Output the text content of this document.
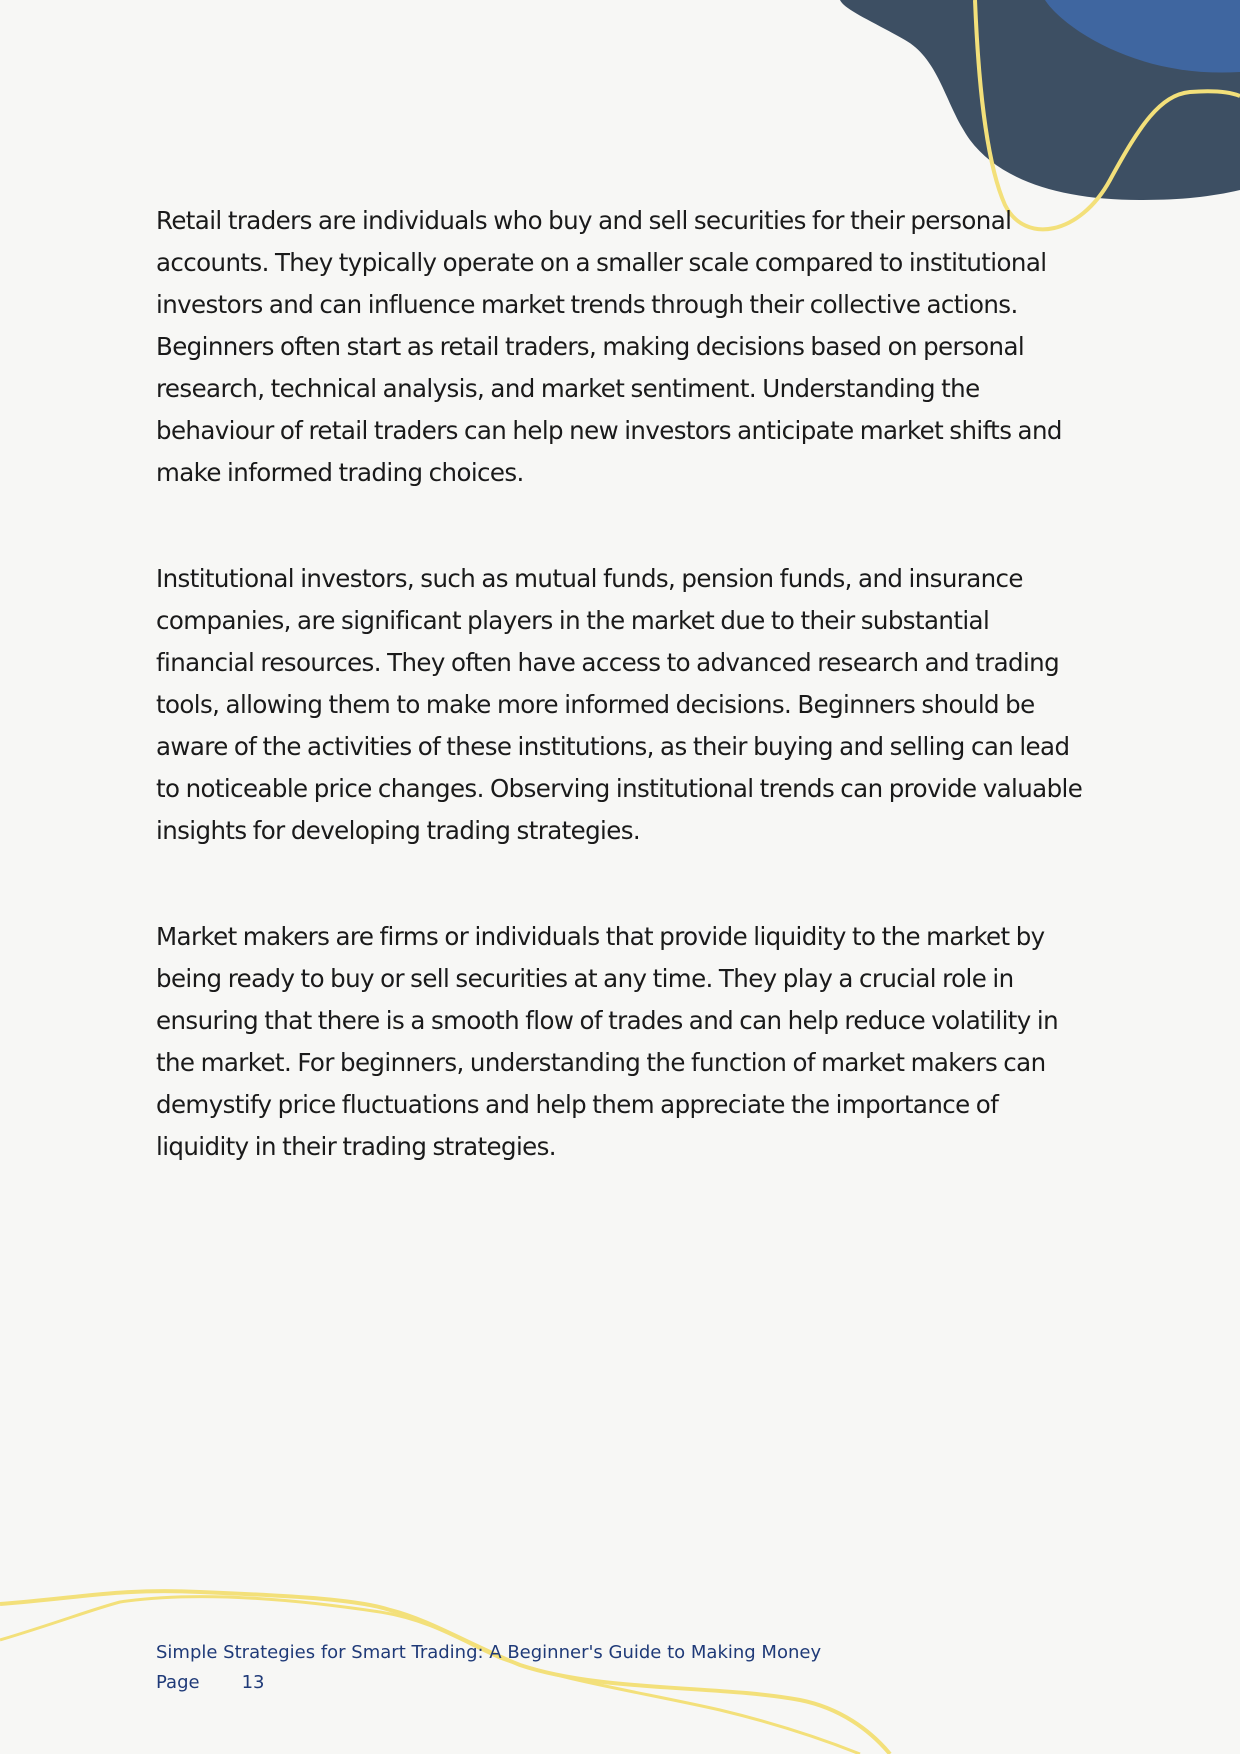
Retail traders are individuals who buy and sell securities for their personal accounts. They typically operate on a smaller scale compared to institutional investors and can influence market trends through their collective actions. Beginners often start as retail traders, making decisions based on personal research, technical analysis, and market sentiment. Understanding the behaviour of retail traders can help new investors anticipate market shifts and make informed trading choices.

Institutional investors, such as mutual funds, pension funds, and insurance companies, are significant players in the market due to their substantial financial resources. They often have access to advanced research and trading tools, allowing them to make more informed decisions. Beginners should be aware of the activities of these institutions, as their buying and selling can lead to noticeable price changes. Observing institutional trends can provide valuable insights for developing trading strategies.

Market makers are firms or individuals that provide liquidity to the market by being ready to buy or sell securities at any time. They play a crucial role in ensuring that there is a smooth flow of trades and can help reduce volatility in the market. For beginners, understanding the function of market makers can demystify price fluctuations and help them appreciate the importance of liquidity in their trading strategies.

Simple Strategies for Smart Trading: A Beginner's Guide to Making Money
Page 13
